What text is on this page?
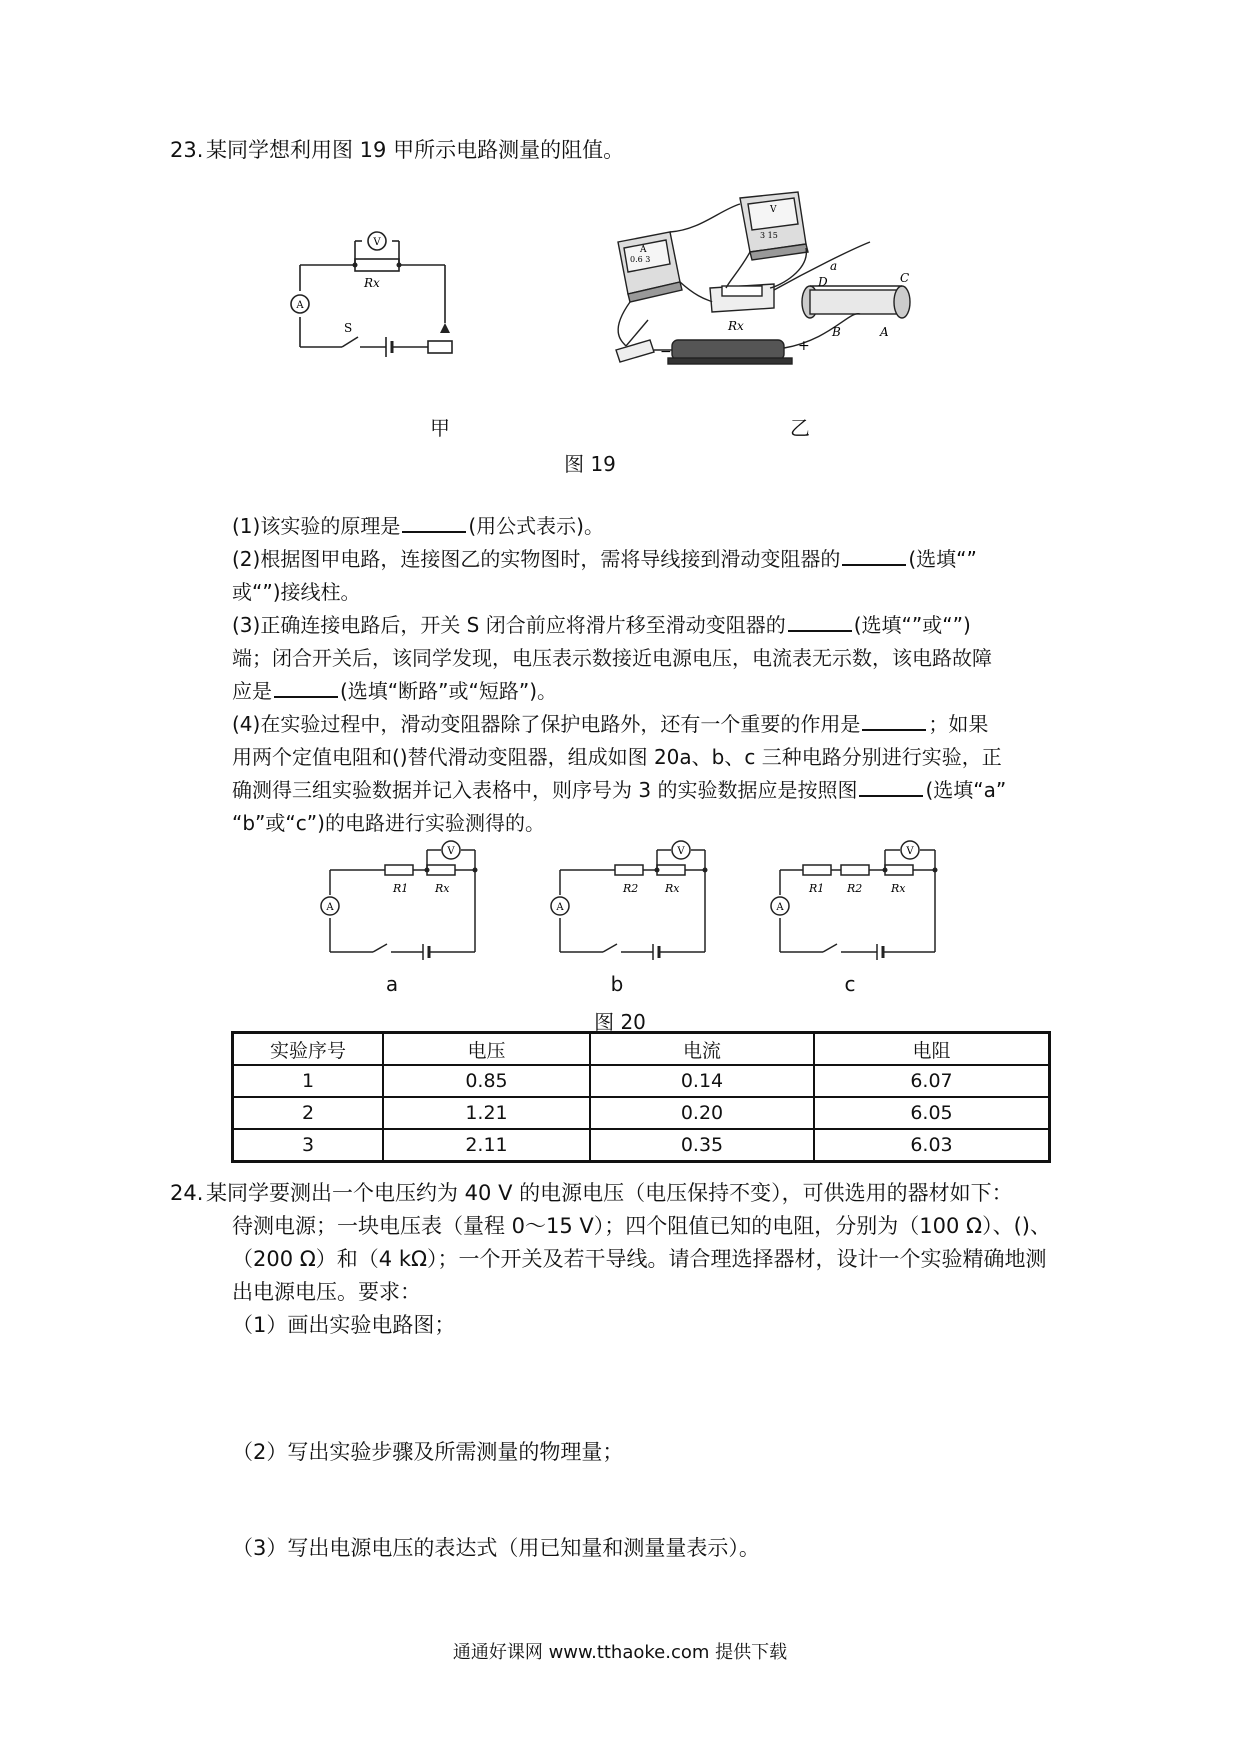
23. 某同学想利用图 19 甲所示电路测量的阻值。
V
A
Rx
S
甲
A
0.6 3
V
3 15
Rx
a
D	C
B	A
−	+
乙
图 19
(1)该实验的原理是	(用公式表示)。
(2)根据图甲电路，连接图乙的实物图时，需将导线接到滑动变阻器的	(选填“”
或“”)接线柱。
(3)正确连接电路后，开关 S 闭合前应将滑片移至滑动变阻器的	(选填“”或“”)
端；闭合开关后，该同学发现，电压表示数接近电源电压，电流表无示数，该电路故障
应是	(选填“断路”或“短路”)。
(4)在实验过程中，滑动变阻器除了保护电路外，还有一个重要的作用是	；如果
用两个定值电阻和()替代滑动变阻器，组成如图 20a、b、c 三种电路分别进行实验，正
确测得三组实验数据并记入表格中，则序号为 3 的实验数据应是按照图	(选填“a”
“b”或“c”)的电路进行实验测得的。
V
A
R1 Rx
a
V
A
R2 Rx
b
V
A
R1 R2	Rx
c
图 20
实验序号	电压	电流	电阻
1	0.85	0.14	6.07
2	1.21	0.20	6.05
3	2.11	0.35	6.03
24. 某同学要测出一个电压约为 40 V 的电源电压（电压保持不变），可供选用的器材如下：
待测电源；一块电压表（量程 0～15 V）；四个阻值已知的电阻，分别为（100 Ω）、()、
（200 Ω）和（4 kΩ）；一个开关及若干导线。请合理选择器材，设计一个实验精确地测
出电源电压。要求：
（1）画出实验电路图；
（2）写出实验步骤及所需测量的物理量；
（3）写出电源电压的表达式（用已知量和测量量表示）。
通通好课网 www.tthaoke.com 提供下载
